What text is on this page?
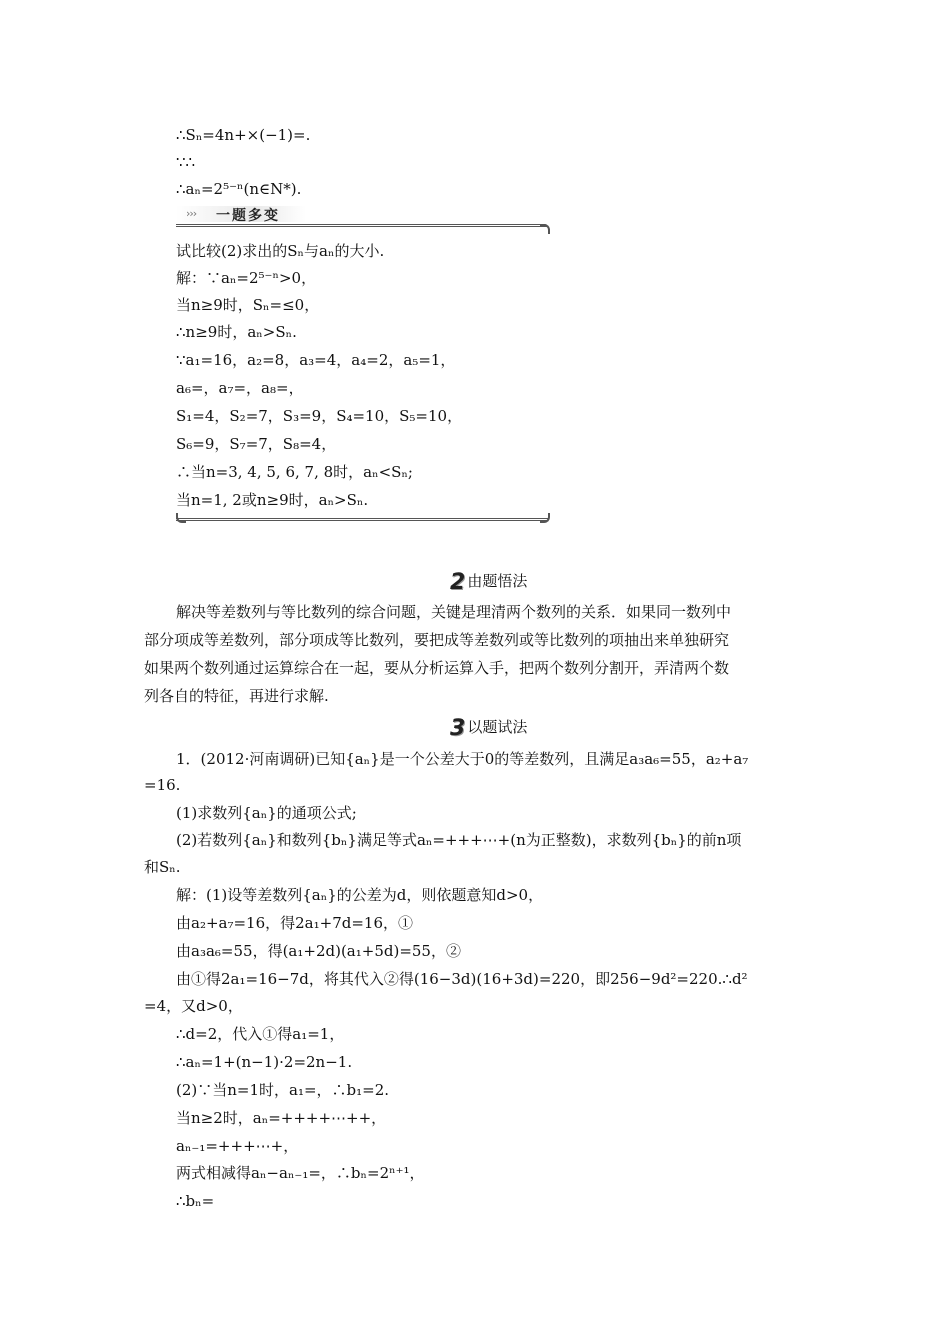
∴Sₙ=4n+×(−1)=.
∵∴
∴aₙ=2⁵⁻ⁿ(n∈N*).
››› 一题多变
试比较(2)求出的Sₙ与aₙ的大小.
解：∵aₙ=2⁵⁻ⁿ>0，
当n≥9时，Sₙ=≤0，
∴n≥9时，aₙ>Sₙ.
∵a₁=16，a₂=8，a₃=4，a₄=2，a₅=1，
a₆=，a₇=，a₈=，
S₁=4，S₂=7，S₃=9，S₄=10，S₅=10，
S₆=9，S₇=7，S₈=4，
∴当n=3, 4, 5, 6, 7, 8时，aₙ<Sₙ;
当n=1, 2或n≥9时，aₙ>Sₙ.
2 由题悟法
解决等差数列与等比数列的综合问题，关键是理清两个数列的关系．如果同一数列中
部分项成等差数列，部分项成等比数列，要把成等差数列或等比数列的项抽出来单独研究
如果两个数列通过运算综合在一起，要从分析运算入手，把两个数列分割开，弄清两个数
列各自的特征，再进行求解.
3 以题试法
1．(2012·河南调研)已知{aₙ}是一个公差大于0的等差数列，且满足a₃a₆=55，a₂+a₇
=16.
(1)求数列{aₙ}的通项公式;
(2)若数列{aₙ}和数列{bₙ}满足等式aₙ=+++⋯+(n为正整数)，求数列{bₙ}的前n项
和Sₙ.
解：(1)设等差数列{aₙ}的公差为d，则依题意知d>0，
由a₂+a₇=16，得2a₁+7d=16，①
由a₃a₆=55，得(a₁+2d)(a₁+5d)=55，②
由①得2a₁=16−7d，将其代入②得(16−3d)(16+3d)=220，即256−9d²=220.∴d²
=4，又d>0，
∴d=2，代入①得a₁=1，
∴aₙ=1+(n−1)·2=2n−1.
(2)∵当n=1时，a₁=，∴b₁=2.
当n≥2时，aₙ=++++⋯++，
aₙ₋₁=+++⋯+，
两式相减得aₙ−aₙ₋₁=，∴bₙ=2ⁿ⁺¹，
∴bₙ=
